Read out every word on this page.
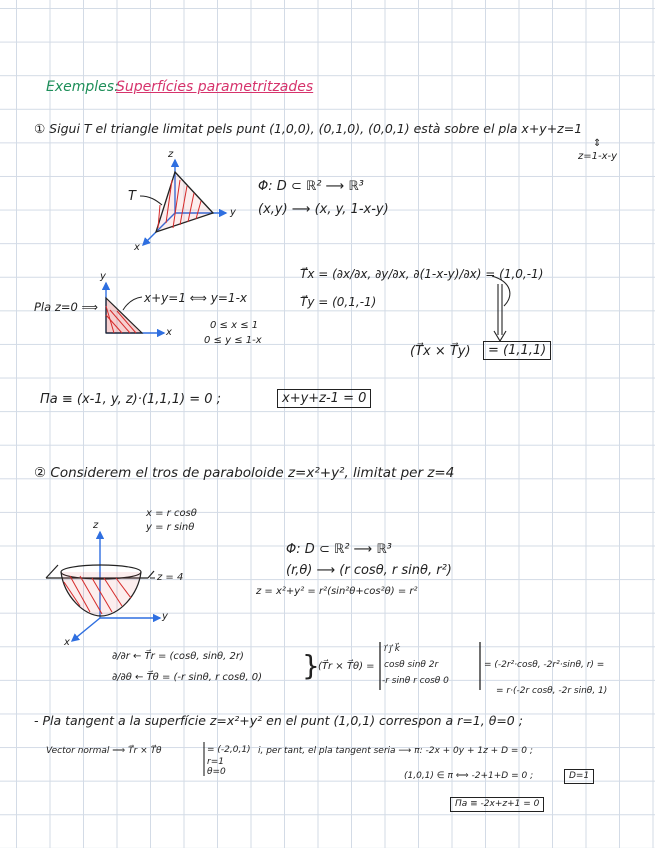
Exemples:
Superfícies parametritzades
① Sigui T el triangle limitat pels punt (1,0,0), (0,1,0), (0,0,1) està sobre el pla x+y+z=1
⇕
z=1-x-y
z
y
x
T
Φ: D ⊂ ℝ² ⟶ ℝ³
(x,y) ⟶ (x, y, 1-x-y)
T⃗x = (∂x/∂x, ∂y/∂x, ∂(1-x-y)/∂x) = (1,0,-1)
T⃗y = (0,1,-1)
(T⃗x × T⃗y)	= (1,1,1)
Pla z=0 ⟹
y
x
x+y=1 ⟺ y=1-x
0 ≤ x ≤ 1
0 ≤ y ≤ 1-x
Πa ≡ (x-1, y, z)·(1,1,1) = 0 ;	x+y+z-1 = 0
② Considerem el tros de paraboloide z=x²+y², limitat per z=4
x = r cosθ
y = r sinθ
z
y
x
z = 4
Φ: D ⊂ ℝ² ⟶ ℝ³
(r,θ) ⟶ (r cosθ, r sinθ, r²)
z = x²+y² = r²(sin²θ+cos²θ) = r²
∂/∂r ← T⃗r = (cosθ, sinθ, 2r)
∂/∂θ ← T⃗θ = (-r sinθ, r cosθ, 0) }
(T⃗r × T⃗θ) =
i⃗ j⃗ k⃗
cosθ sinθ 2r
-r sinθ r cosθ 0
= (-2r²·cosθ, -2r²·sinθ, r) =
= r·(-2r cosθ, -2r sinθ, 1)
- Pla tangent a la superfície z=x²+y² en el punt (1,0,1) correspon a r=1, θ=0 ;
Vector normal ⟹ T⃗r × T⃗θ	= (-2,0,1)
r=1
θ=0
i, per tant, el pla tangent seria ⟶ π: -2x + 0y + 1z + D = 0 ;
(1,0,1) ∈ π ⟺ -2+1+D = 0 ;	D=1
Πa ≡ -2x+z+1 = 0
